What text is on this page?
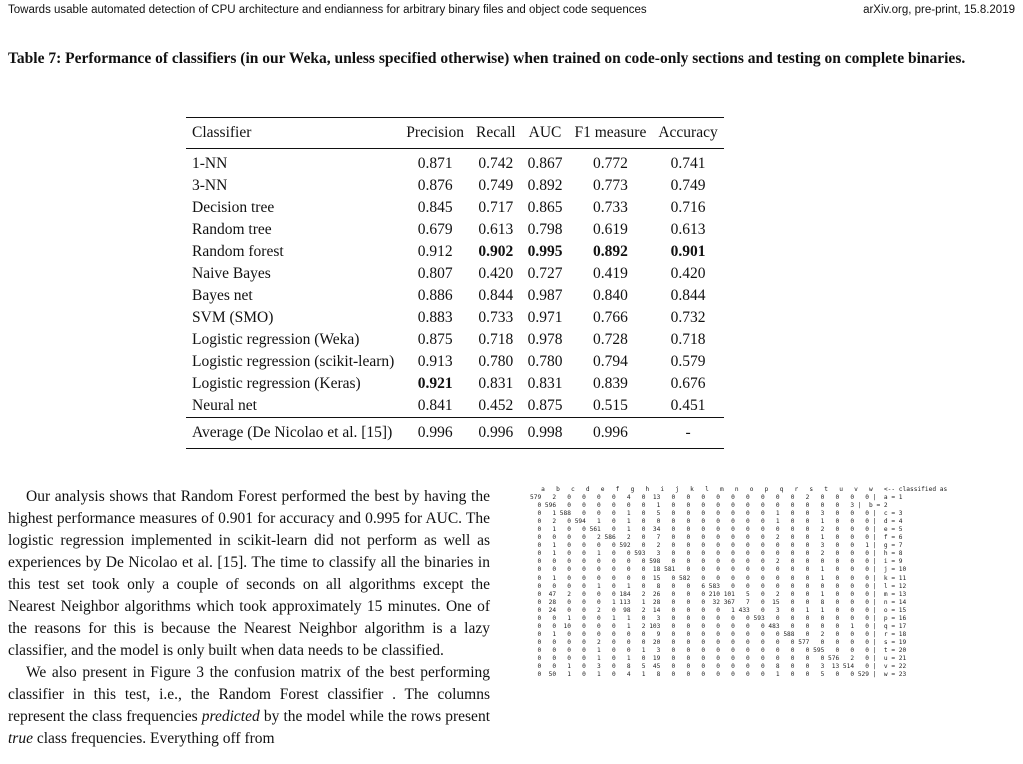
Towards usable automated detection of CPU architecture and endianness for arbitrary binary files and object code sequences	arXiv.org, pre-print, 15.8.2019
Table 7: Performance of classifiers (in our Weka, unless specified otherwise) when trained on code-only sections and testing on complete binaries.
Classifier	Precision	Recall	AUC	F1 measure	Accuracy
1-NN	0.871	0.742	0.867	0.772	0.741
3-NN	0.876	0.749	0.892	0.773	0.749
Decision tree	0.845	0.717	0.865	0.733	0.716
Random tree	0.679	0.613	0.798	0.619	0.613
Random forest	0.912	0.902	0.995	0.892	0.901
Naive Bayes	0.807	0.420	0.727	0.419	0.420
Bayes net	0.886	0.844	0.987	0.840	0.844
SVM (SMO)	0.883	0.733	0.971	0.766	0.732
Logistic regression (Weka)	0.875	0.718	0.978	0.728	0.718
Logistic regression (scikit-learn)	0.913	0.780	0.780	0.794	0.579
Logistic regression (Keras)	0.921	0.831	0.831	0.839	0.676
Neural net	0.841	0.452	0.875	0.515	0.451
Average (De Nicolao et al. [15])	0.996	0.996	0.998	0.996	-

Our analysis shows that Random Forest performed the best by having the highest performance measures of 0.901 for accuracy and 0.995 for AUC. The logistic regression implemented in scikit-learn did not perform as well as experiences by De Nicolao et al. [15]. The time to classify all the binaries in this test set took only a couple of seconds on all algorithms except the Nearest Neighbor algorithms which took approximately 15 minutes. One of the reasons for this is because the Nearest Neighbor algorithm is a lazy classifier, and the model is only built when data needs to be classified.

We also present in Figure 3 the confusion matrix of the best performing classifier in this test, i.e., the Random Forest classifier . The columns represent the class frequencies predicted by the model while the rows present true class frequencies. Everything off from

a   b   c   d   e   f   g   h   i   j   k   l   m   n   o   p   q   r   s   t   u   v   w   <-- classified as
579   2   0   0   0   0   4   0  13   0   0   0   0   0   0   0   0   0   2   0   0   0   0 |  a = 1
0 596   0   0   0   0   0   0   1   0   0   0   0   0   0   0   0   0   0   0   0   3 |  b = 2
0   1 588   0   0   0   1   0   5   0   0   0   0   0   0   0   1   0   0   3   0   0   0 |  c = 3
0   2   0 594   1   0   1   0   0   0   0   0   0   0   0   0   1   0   0   1   0   0   0 |  d = 4
0   1   0   0 561   0   1   0  34   0   0   0   0   0   0   0   0   0   0   2   0   0   0 |  e = 5
0   0   0   0   2 586   2   0   7   0   0   0   0   0   0   0   2   0   0   1   0   0   0 |  f = 6
0   1   0   0   0   0 592   0   2   0   0   0   0   0   0   0   0   0   0   3   0   0   1 |  g = 7
0   1   0   0   1   0   0 593   3   0   0   0   0   0   0   0   0   0   0   2   0   0   0 |  h = 8
0   0   0   0   0   0   0   0 598   0   0   0   0   0   0   0   2   0   0   0   0   0   0 |  i = 9
0   0   0   0   0   0   0   0  18 581   0   0   0   0   0   0   0   0   0   1   0   0   0 |  j = 10
0   1   0   0   0   0   0   0  15   0 582   0   0   0   0   0   0   0   0   1   0   0   0 |  k = 11
0   0   0   0   1   0   1   0   8   0   0   6 583   0   0   0   0   0   0   0   0   0   0 |  l = 12
0  47   2   0   0   0 184   2  26   0   0   0 210 101   5   0   2   0   0   1   0   0   0 |  m = 13
0  28   0   0   0   1 113   1  28   0   0   0  32 367   7   0  15   0   0   8   0   0   0 |  n = 14
0  24   0   0   2   0  98   2  14   0   0   0   0   1 433   0   3   0   1   1   0   0   0 |  o = 15
0   0   1   0   0   1   1   0   3   0   0   0   0   0   0 593   0   0   0   0   0   0   0 |  p = 16
0   0  10   0   0   0   1   2 103   0   0   0   0   0   0   0 483   0   0   0   0   1   0 |  q = 17
0   1   0   0   0   0   0   0   9   0   0   0   0   0   0   0   0 588   0   2   0   0   0 |  r = 18
0   0   0   0   2   0   0   0  20   0   0   0   0   0   0   0   0   0 577   0   0   0   0 |  s = 19
0   0   0   0   1   0   0   1   3   0   0   0   0   0   0   0   0   0   0 595   0   0   0 |  t = 20
0   0   0   0   1   0   1   0  19   0   0   0   0   0   0   0   0   0   0   0 576   2   0 |  u = 21
0   0   1   0   3   0   8   5  45   0   0   0   0   0   0   0   8   0   0   3  13 514   0 |  v = 22
0  50   1   0   1   0   4   1   8   0   0   0   0   0   0   0   1   0   0   5   0   0 529 |  w = 23
